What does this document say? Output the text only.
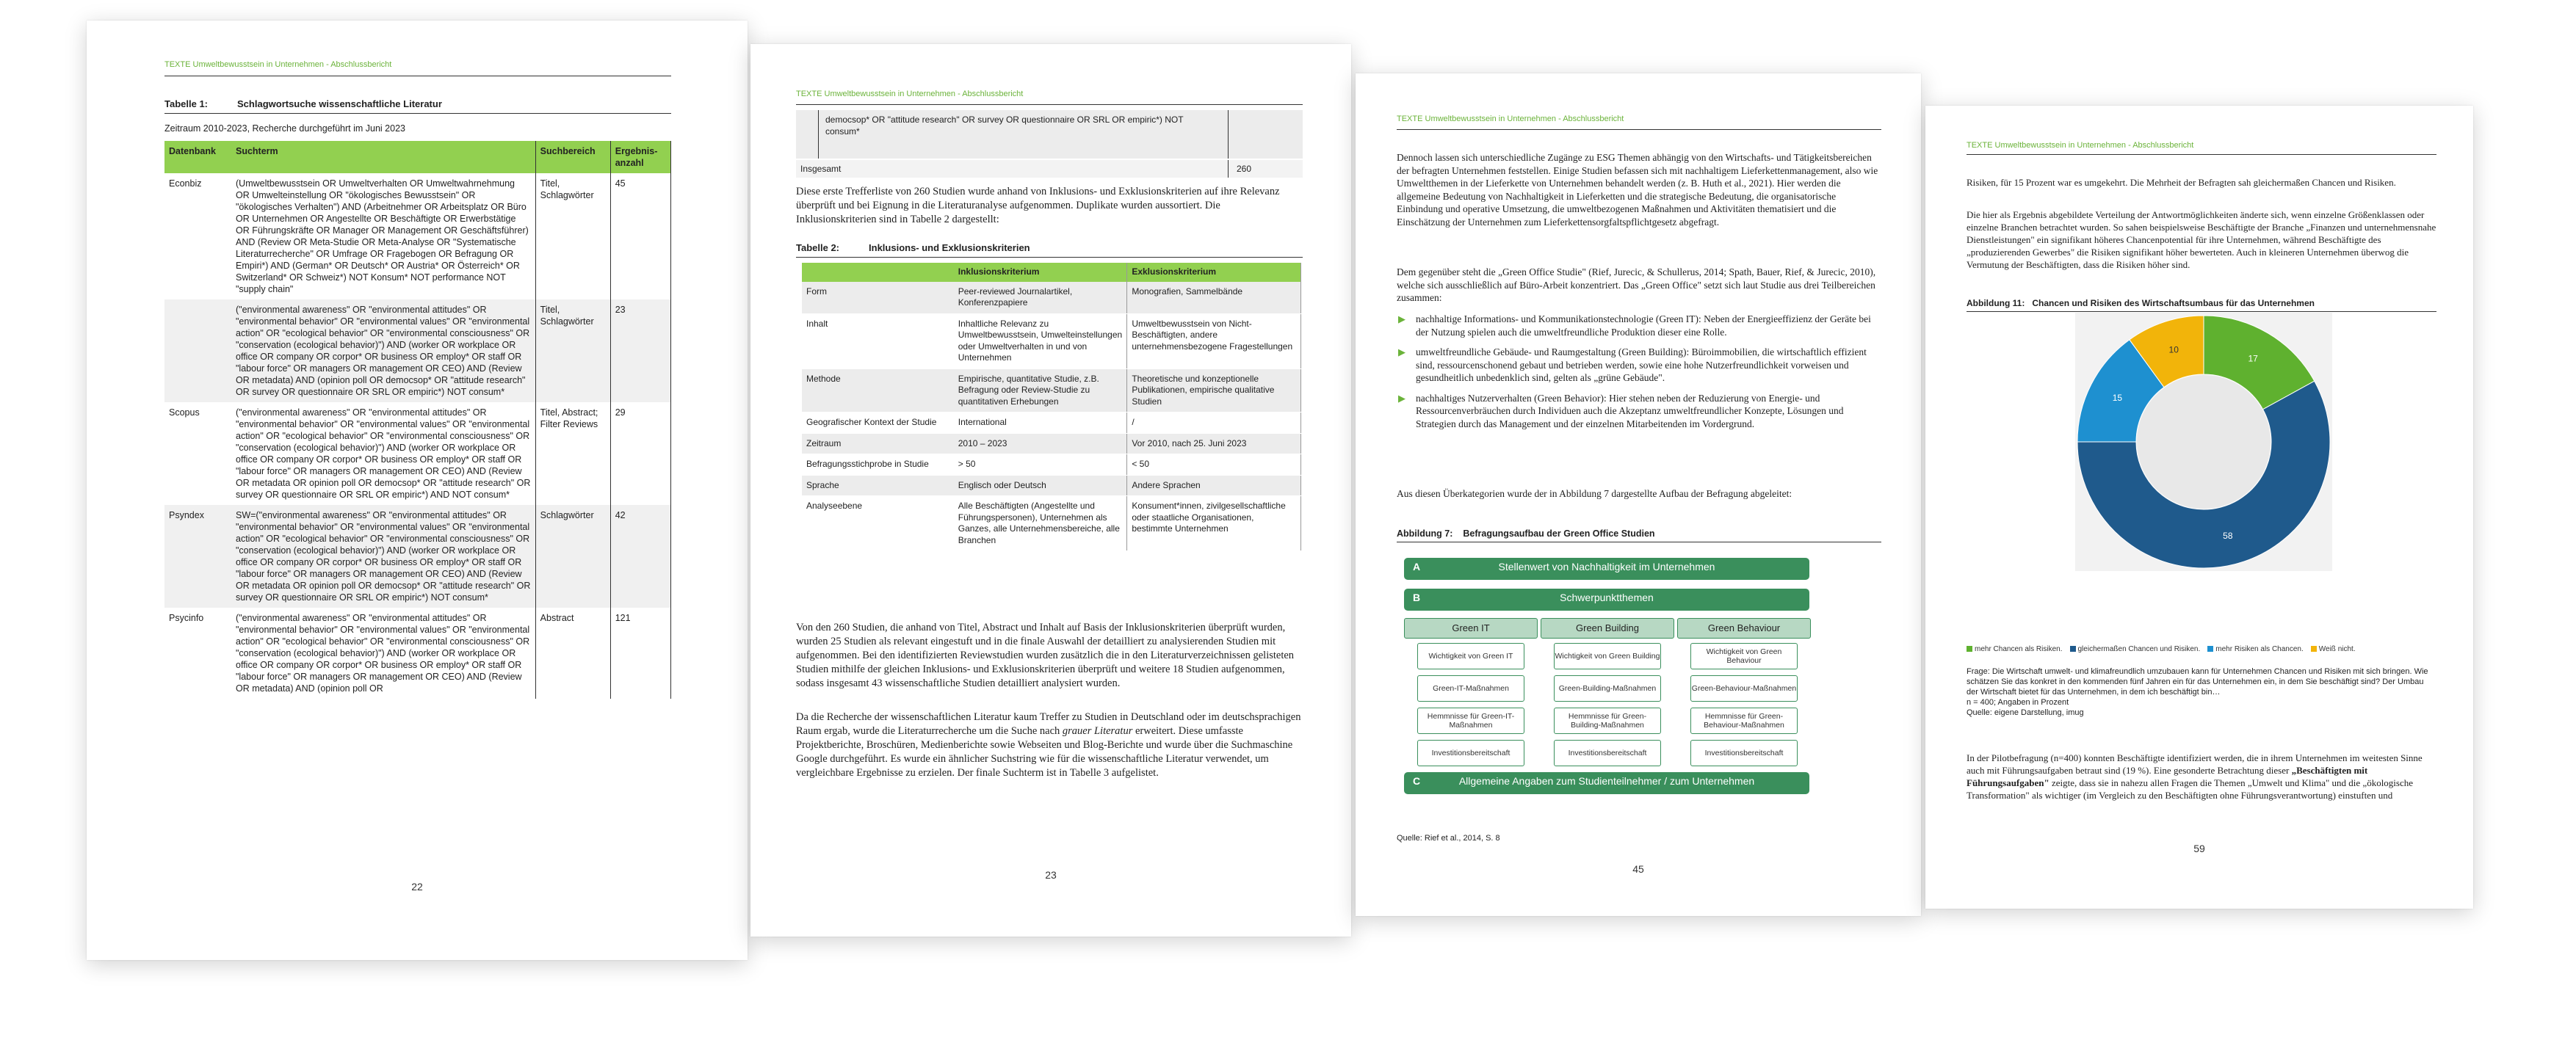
TEXTE Umweltbewusstsein in Unternehmen - Abschlussbericht
Tabelle 1:	Schlagwortsuche wissenschaftliche Literatur
Zeitraum 2010-2023, Recherche durchgeführt im Juni 2023
Datenbank	Suchterm	Suchbereich	Ergebnis-anzahl
Econbiz	(Umweltbewusstsein OR Umweltverhalten OR Umweltwahrnehmung OR Umwelteinstellung OR "ökologisches Bewusstsein" OR "ökologisches Verhalten") AND (Arbeitnehmer OR Arbeitsplatz OR Büro OR Unternehmen OR Angestellte OR Beschäftigte OR Erwerbstätige OR Führungskräfte OR Manager OR Management OR Geschäftsführer) AND (Review OR Meta-Studie OR Meta-Analyse OR "Systematische Literaturrecherche" OR Umfrage OR Fragebogen OR Befragung OR Empiri*) AND (German* OR Deutsch* OR Austria* OR Österreich* OR Switzerland* OR Schweiz*) NOT Konsum* NOT performance NOT "supply chain"	Titel, Schlagwörter	45
	("environmental awareness" OR "environmental attitudes" OR "environmental behavior" OR "environmental values" OR "environmental action" OR "ecological behavior" OR "environmental consciousness" OR "conservation (ecological behavior)") AND (worker OR workplace OR office OR company OR corpor* OR business OR employ* OR staff OR "labour force" OR managers OR management OR CEO) AND (Review OR metadata) AND (opinion poll OR democsop* OR "attitude research" OR survey OR questionnaire OR SRL OR empiric*) NOT consum*	Titel, Schlagwörter	23
Scopus	("environmental awareness" OR "environmental attitudes" OR "environmental behavior" OR "environmental values" OR "environmental action" OR "ecological behavior" OR "environmental consciousness" OR "conservation (ecological behavior)") AND (worker OR workplace OR office OR company OR corpor* OR business OR employ* OR staff OR "labour force" OR managers OR management OR CEO) AND (Review OR metadata OR opinion poll OR democsop* OR "attitude research" OR survey OR questionnaire OR SRL OR empiric*) AND NOT consum*	Titel, Abstract; Filter Reviews	29
Psyndex	SW=("environmental awareness" OR "environmental attitudes" OR "environmental behavior" OR "environmental values" OR "environmental action" OR "ecological behavior" OR "environmental consciousness" OR "conservation (ecological behavior)") AND (worker OR workplace OR office OR company OR corpor* OR business OR employ* OR staff OR "labour force" OR managers OR management OR CEO) AND (Review OR metadata OR opinion poll OR democsop* OR "attitude research" OR survey OR questionnaire OR SRL OR empiric*) NOT consum*	Schlagwörter	42
Psycinfo	("environmental awareness" OR "environmental attitudes" OR "environmental behavior" OR "environmental values" OR "environmental action" OR "ecological behavior" OR "environmental consciousness" OR "conservation (ecological behavior)") AND (worker OR workplace OR office OR company OR corpor* OR business OR employ* OR staff OR "labour force" OR managers OR management OR CEO) AND (Review OR metadata) AND (opinion poll OR	Abstract	121
22
TEXTE Umweltbewusstsein in Unternehmen - Abschlussbericht
democsop* OR "attitude research" OR survey OR questionnaire OR SRL OR empiric*) NOT consum*
Insgesamt	260
Diese erste Trefferliste von 260 Studien wurde anhand von Inklusions- und Exklusionskriterien auf ihre Relevanz überprüft und bei Eignung in die Literaturanalyse aufgenommen. Duplikate wurden aussortiert. Die Inklusionskriterien sind in Tabelle 2 dargestellt:
Tabelle 2:	Inklusions- und Exklusionskriterien
	Inklusionskriterium	Exklusionskriterium
Form	Peer-reviewed Journalartikel, Konferenzpapiere	Monografien, Sammelbände
Inhalt	Inhaltliche Relevanz zu Umweltbewusstsein, Umwelteinstellungen oder Umweltverhalten in und von Unternehmen	Umweltbewusstsein von Nicht-Beschäftigten, andere unternehmensbezogene Fragestellungen
Methode	Empirische, quantitative Studie, z.B. Befragung oder Review-Studie zu quantitativen Erhebungen	Theoretische und konzeptionelle Publikationen, empirische qualitative Studien
Geografischer Kontext der Studie	International	/
Zeitraum	2010 – 2023	Vor 2010, nach 25. Juni 2023
Befragungsstichprobe in Studie	> 50	< 50
Sprache	Englisch oder Deutsch	Andere Sprachen
Analyseebene	Alle Beschäftigten (Angestellte und Führungspersonen), Unternehmen als Ganzes, alle Unternehmensbereiche, alle Branchen	Konsument*innen, zivilgesellschaftliche oder staatliche Organisationen, bestimmte Unternehmen
Von den 260 Studien, die anhand von Titel, Abstract und Inhalt auf Basis der Inklusionskriterien überprüft wurden, wurden 25 Studien als relevant eingestuft und in die finale Auswahl der detailliert zu analysierenden Studien mit aufgenommen. Bei den identifizierten Reviewstudien wurden zusätzlich die in den Literaturverzeichnissen gelisteten Studien mithilfe der gleichen Inklusions- und Exklusionskriterien überprüft und weitere 18 Studien aufgenommen, sodass insgesamt 43 wissenschaftliche Studien detailliert analysiert wurden.
Da die Recherche der wissenschaftlichen Literatur kaum Treffer zu Studien in Deutschland oder im deutschsprachigen Raum ergab, wurde die Literaturrecherche um die Suche nach grauer Literatur erweitert. Diese umfasste Projektberichte, Broschüren, Medienberichte sowie Webseiten und Blog-Berichte und wurde über die Suchmaschine Google durchgeführt. Es wurde ein ähnlicher Suchstring wie für die wissenschaftliche Literatur verwendet, um vergleichbare Ergebnisse zu erzielen. Der finale Suchterm ist in Tabelle 3 aufgelistet.
23
TEXTE Umweltbewusstsein in Unternehmen - Abschlussbericht
Dennoch lassen sich unterschiedliche Zugänge zu ESG Themen abhängig von den Wirtschafts- und Tätigkeitsbereichen der befragten Unternehmen feststellen. Einige Studien befassen sich mit nachhaltigem Lieferkettenmanagement, also wie Umweltthemen in der Lieferkette von Unternehmen behandelt werden (z. B. Huth et al., 2021). Hier werden die allgemeine Bedeutung von Nachhaltigkeit in Lieferketten und die strategische Bedeutung, die organisatorische Einbindung und operative Umsetzung, die umweltbezogenen Maßnahmen und Aktivitäten thematisiert und die Einschätzung der Unternehmen zum Lieferkettensorgfaltspflichtgesetz abgefragt.
Dem gegenüber steht die „Green Office Studie" (Rief, Jurecic, & Schullerus, 2014; Spath, Bauer, Rief, & Jurecic, 2010), welche sich ausschließlich auf Büro-Arbeit konzentriert. Das „Green Office" setzt sich laut Studie aus drei Teilbereichen zusammen:
▶ nachhaltige Informations- und Kommunikationstechnologie (Green IT): Neben der Energieeffizienz der Geräte bei der Nutzung spielen auch die umweltfreundliche Produktion dieser eine Rolle.
▶ umweltfreundliche Gebäude- und Raumgestaltung (Green Building): Büroimmobilien, die wirtschaftlich effizient sind, ressourcenschonend gebaut und betrieben werden, sowie eine hohe Nutzerfreundlichkeit vorweisen und gesundheitlich unbedenklich sind, gelten als „grüne Gebäude".
▶ nachhaltiges Nutzerverhalten (Green Behavior): Hier stehen neben der Reduzierung von Energie- und Ressourcenverbräuchen durch Individuen auch die Akzeptanz umweltfreundlicher Konzepte, Lösungen und Strategien durch das Management und der einzelnen Mitarbeitenden im Vordergrund.
Aus diesen Überkategorien wurde der in Abbildung 7 dargestellte Aufbau der Befragung abgeleitet:
Abbildung 7: Befragungsaufbau der Green Office Studien
A	Stellenwert von Nachhaltigkeit im Unternehmen
B	Schwerpunktthemen
Green IT
Wichtigkeit von Green IT
Green-IT-Maßnahmen
Hemmnisse für Green-IT-Maßnahmen
Investitionsbereitschaft
Green Building
Wichtigkeit von Green Building
Green-Building-Maßnahmen
Hemmnisse für Green-Building-Maßnahmen
Investitionsbereitschaft
Green Behaviour
Wichtigkeit von Green Behaviour
Green-Behaviour-Maßnahmen
Hemmnisse für Green-Behaviour-Maßnahmen
Investitionsbereitschaft
C	Allgemeine Angaben zum Studienteilnehmer / zum Unternehmen
Quelle: Rief et al., 2014, S. 8
45
TEXTE Umweltbewusstsein in Unternehmen - Abschlussbericht
Risiken, für 15 Prozent war es umgekehrt. Die Mehrheit der Befragten sah gleichermaßen Chancen und Risiken.
Die hier als Ergebnis abgebildete Verteilung der Antwortmöglichkeiten änderte sich, wenn einzelne Größenklassen oder einzelne Branchen betrachtet wurden. So sahen beispielsweise Beschäftigte der Branche „Finanzen und unternehmensnahe Dienstleistungen" ein signifikant höheres Chancenpotential für ihre Unternehmen, während Beschäftigte des „produzierenden Gewerbes" die Risiken signifikant höher bewerteten. Auch in kleineren Unternehmen überwog die Vermutung der Beschäftigten, dass die Risiken höher sind.
Abbildung 11: Chancen und Risiken des Wirtschaftsumbaus für das Unternehmen
17
58
15
10
mehr Chancen als Risiken. gleichermaßen Chancen und Risiken. mehr Risiken als Chancen. Weiß nicht.
Frage: Die Wirtschaft umwelt- und klimafreundlich umzubauen kann für Unternehmen Chancen und Risiken mit sich bringen. Wie schätzen Sie das konkret in den kommenden fünf Jahren ein für das Unternehmen ein, in dem Sie beschäftigt sind? Der Umbau der Wirtschaft bietet für das Unternehmen, in dem ich beschäftigt bin…
n = 400; Angaben in Prozent
Quelle: eigene Darstellung, imug
In der Pilotbefragung (n=400) konnten Beschäftigte identifiziert werden, die in ihrem Unternehmen im weitesten Sinne auch mit Führungsaufgaben betraut sind (19 %). Eine gesonderte Betrachtung dieser „Beschäftigten mit Führungsaufgaben" zeigte, dass sie in nahezu allen Fragen die Themen „Umwelt und Klima" und die „ökologische Transformation" als wichtiger (im Vergleich zu den Beschäftigten ohne Führungsverantwortung) einstuften und
59
